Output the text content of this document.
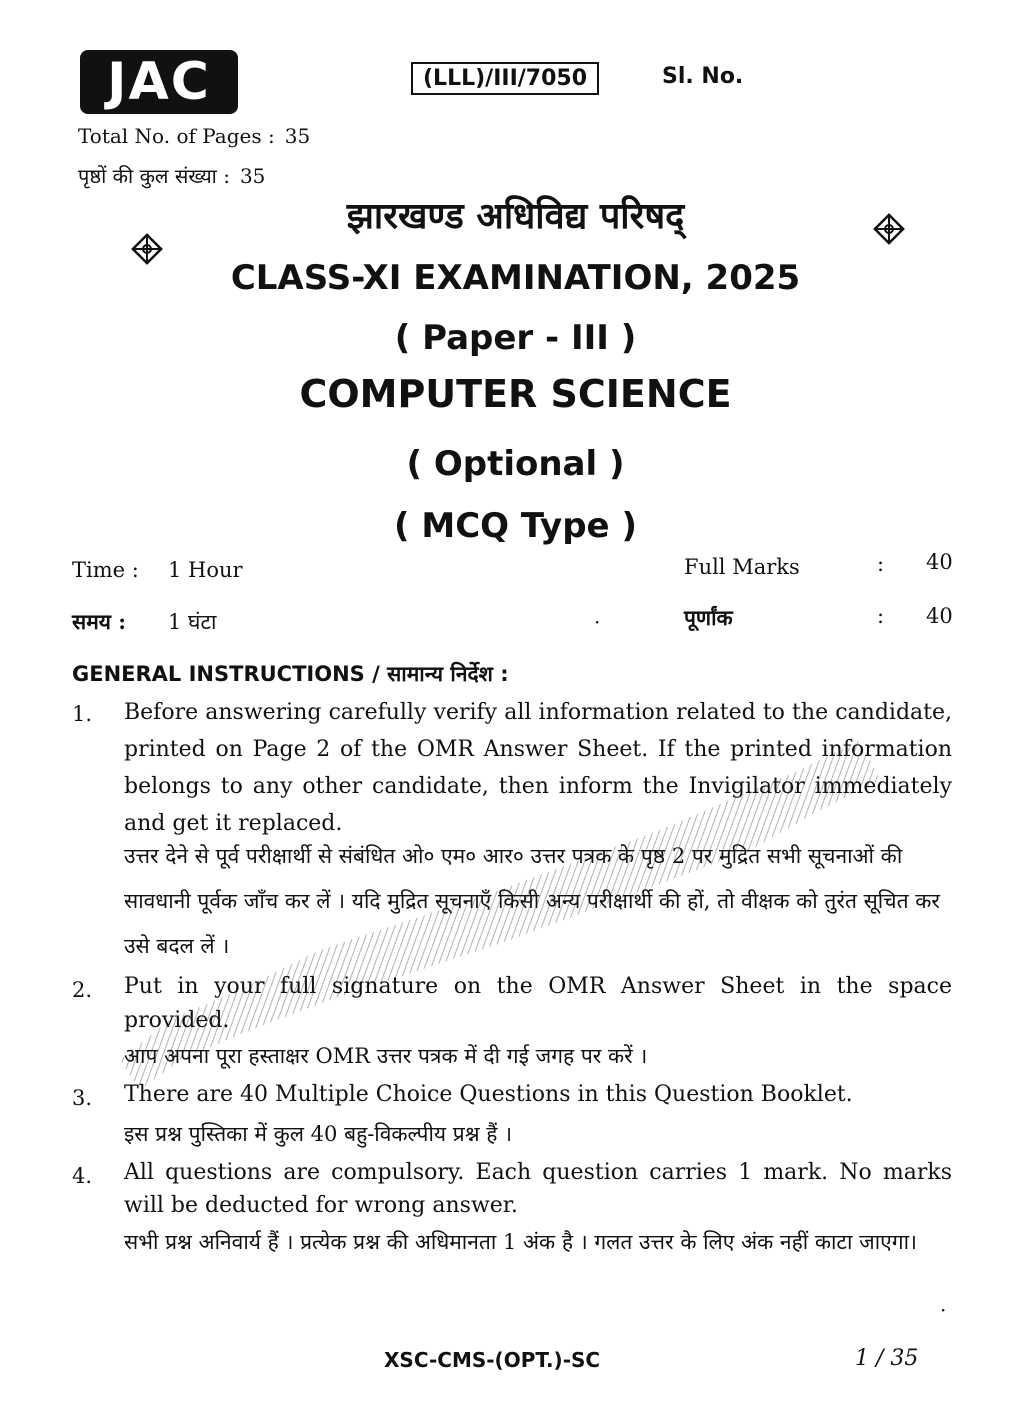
JAC	(LLL)/III/7050	Sl. No.
Total No. of Pages : 35
पृष्ठों की कुल संख्या : 35
झारखण्ड अधिविद्य परिषद्
CLASS-XI EXAMINATION, 2025
( Paper - III )
COMPUTER SCIENCE
( Optional )
( MCQ Type )
Time : 1 Hour
समय : 1 घंटा
Full Marks	: 40
पूर्णांक	: 40
·
GENERAL INSTRUCTIONS / सामान्य निर्देश :
1. Before answering carefully verify all information related to the candidate, printed on Page 2 of the OMR Answer Sheet. If the printed information belongs to any other candidate, then inform the Invigilator immediately and get it replaced.
उत्तर देने से पूर्व परीक्षार्थी से संबंधित ओ० एम० आर० उत्तर पत्रक के पृष्ठ 2 पर मुद्रित सभी सूचनाओं की सावधानी पूर्वक जाँच कर लें । यदि मुद्रित सूचनाएँ किसी अन्य परीक्षार्थी की हों, तो वीक्षक को तुरंत सूचित कर उसे बदल लें ।
2. Put in your full signature on the OMR Answer Sheet in the space provided.
आप अपना पूरा हस्ताक्षर OMR उत्तर पत्रक में दी गई जगह पर करें ।
3. There are 40 Multiple Choice Questions in this Question Booklet.
इस प्रश्न पुस्तिका में कुल 40 बहु-विकल्पीय प्रश्न हैं ।
4. All questions are compulsory. Each question carries 1 mark. No marks will be deducted for wrong answer.
सभी प्रश्न अनिवार्य हैं । प्रत्येक प्रश्न की अधिमानता 1 अंक है । गलत उत्तर के लिए अंक नहीं काटा जाएगा।
·
XSC-CMS-(OPT.)-SC	1 / 35
